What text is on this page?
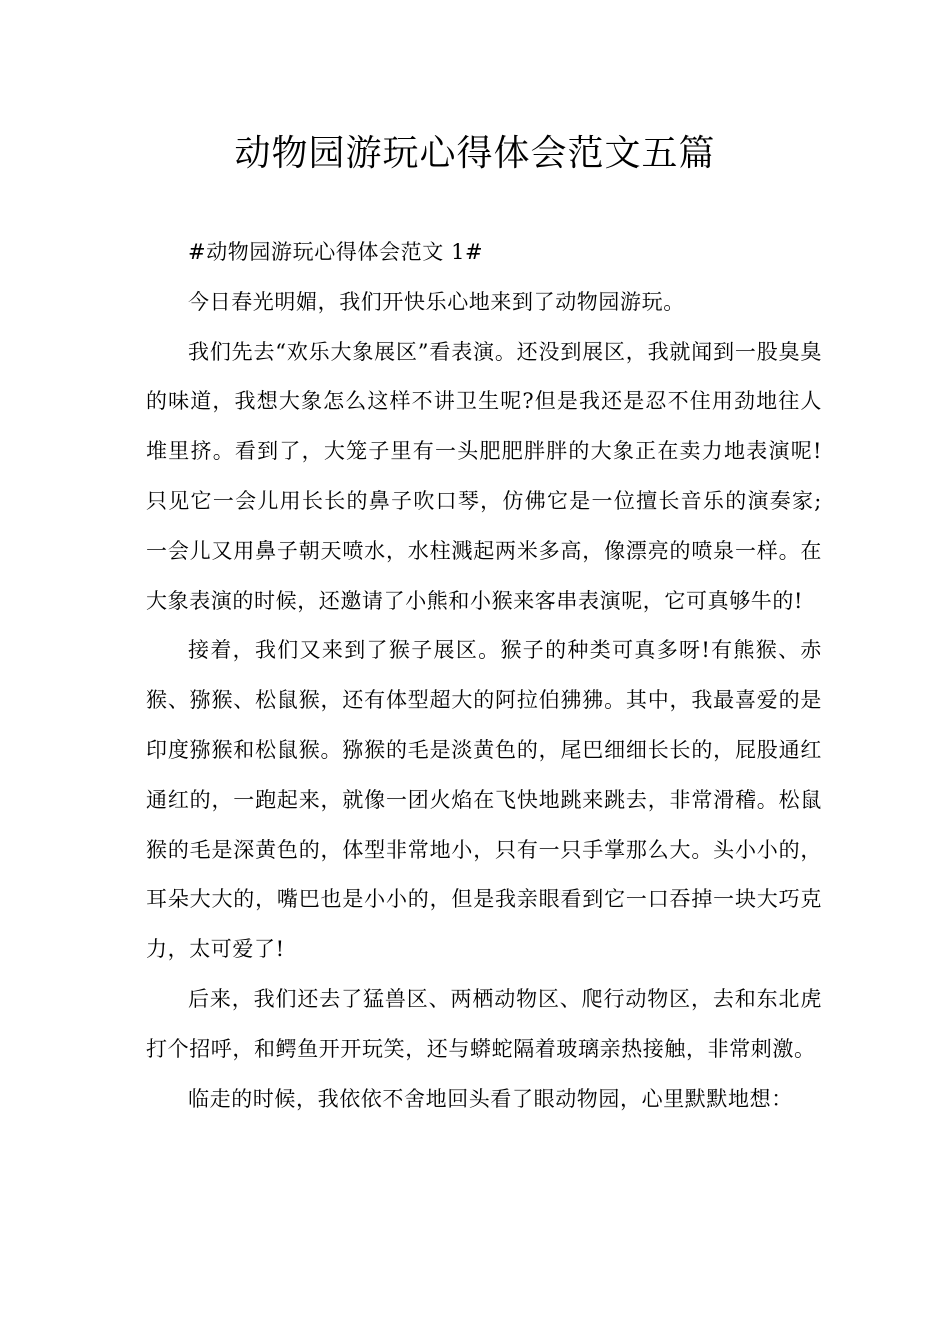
动物园游玩心得体会范文五篇

#动物园游玩心得体会范文 1#

今日春光明媚，我们开快乐心地来到了动物园游玩。

我们先去“欢乐大象展区”看表演。还没到展区，我就闻到一股臭臭的味道，我想大象怎么这样不讲卫生呢?但是我还是忍不住用劲地往人堆里挤。看到了，大笼子里有一头肥肥胖胖的大象正在卖力地表演呢!只见它一会儿用长长的鼻子吹口琴，仿佛它是一位擅长音乐的演奏家;一会儿又用鼻子朝天喷水，水柱溅起两米多高，像漂亮的喷泉一样。在大象表演的时候，还邀请了小熊和小猴来客串表演呢，它可真够牛的!

接着，我们又来到了猴子展区。猴子的种类可真多呀!有熊猴、赤猴、猕猴、松鼠猴，还有体型超大的阿拉伯狒狒。其中，我最喜爱的是印度猕猴和松鼠猴。猕猴的毛是淡黄色的，尾巴细细长长的，屁股通红通红的，一跑起来，就像一团火焰在飞快地跳来跳去，非常滑稽。松鼠猴的毛是深黄色的，体型非常地小，只有一只手掌那么大。头小小的，耳朵大大的，嘴巴也是小小的，但是我亲眼看到它一口吞掉一块大巧克力，太可爱了!

后来，我们还去了猛兽区、两栖动物区、爬行动物区，去和东北虎打个招呼，和鳄鱼开开玩笑，还与蟒蛇隔着玻璃亲热接触，非常刺激。

临走的时候，我依依不舍地回头看了眼动物园，心里默默地想：
